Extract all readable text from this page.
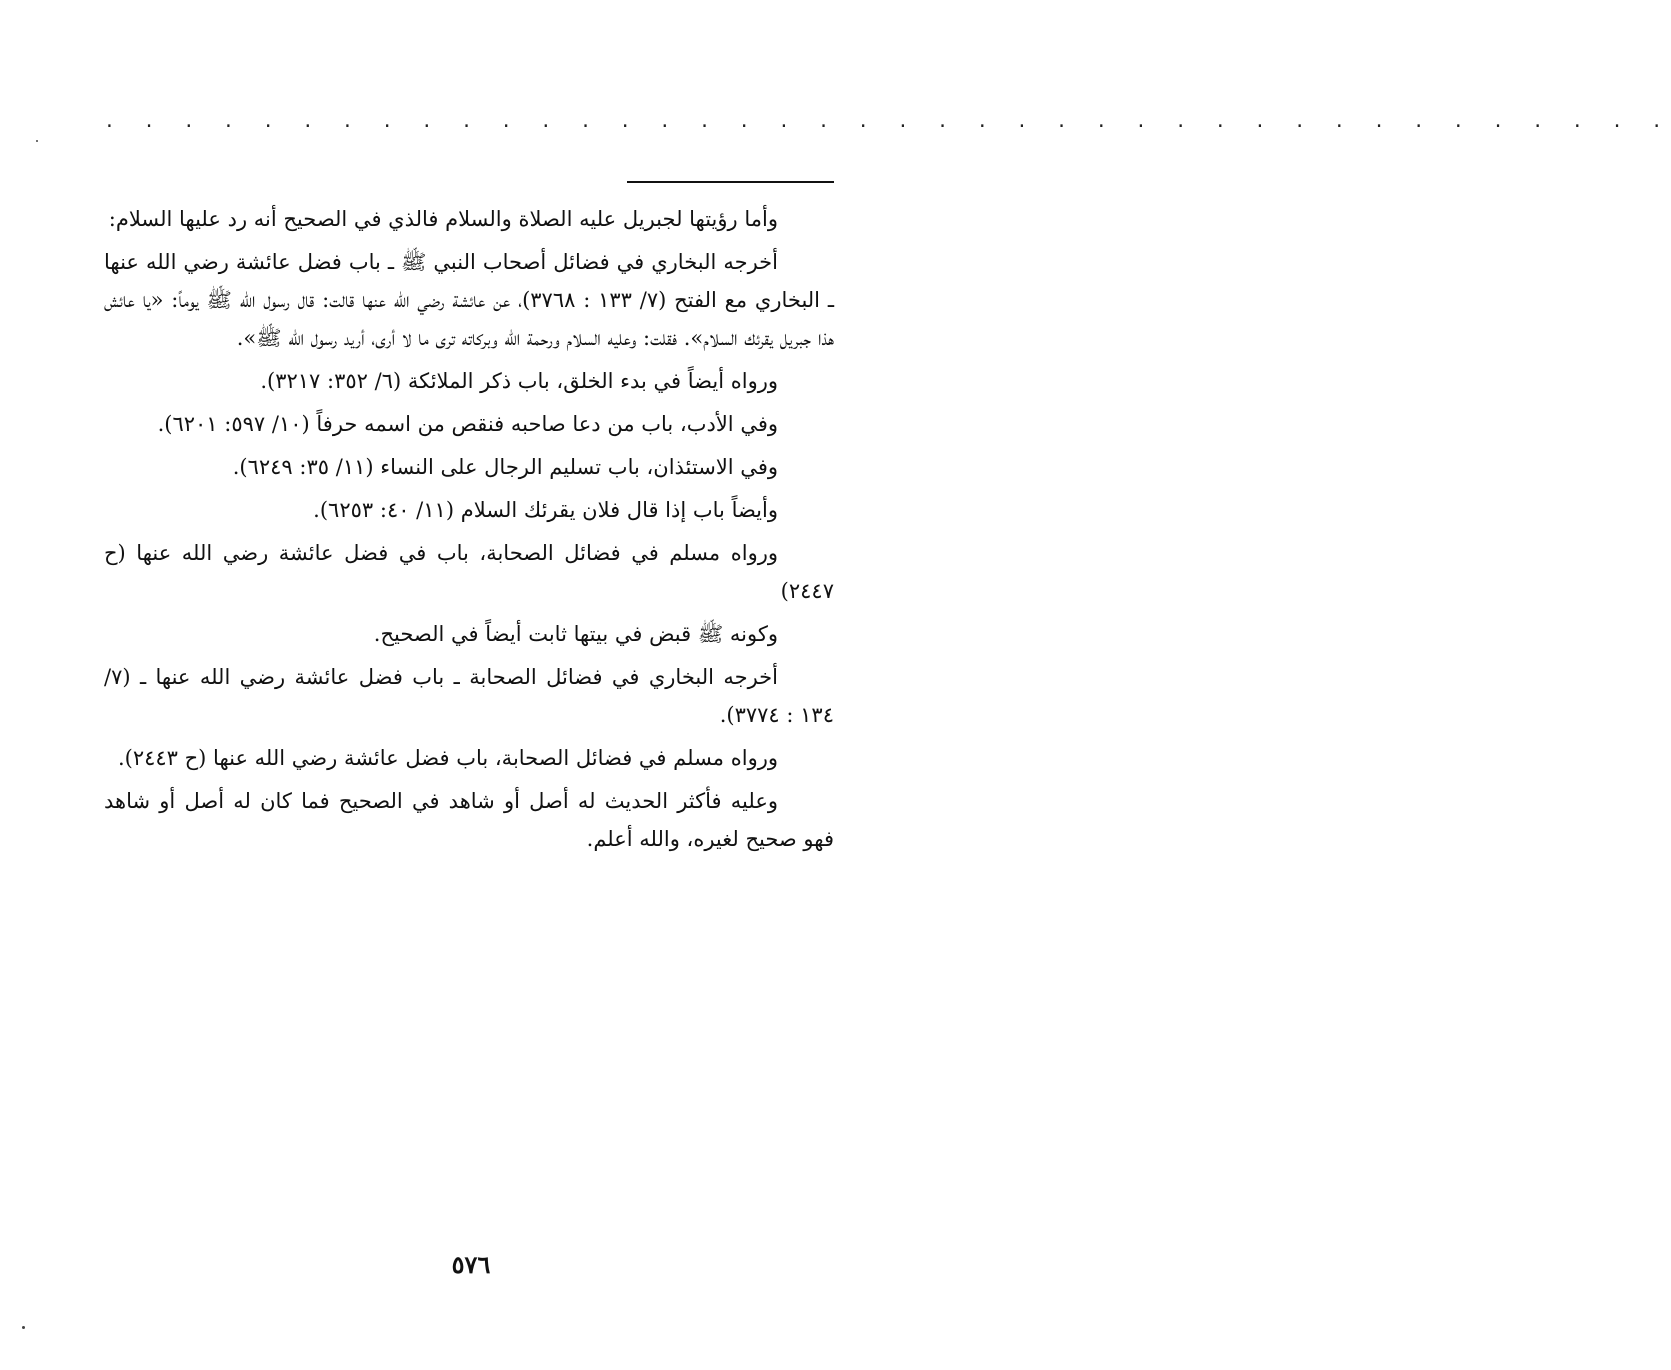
· · · · · · · · · · · · · · · · · · · · · · · · · · · · · · · · · · · · · · · ·

وأما رؤيتها لجبريل عليه الصلاة والسلام فالذي في الصحيح أنه رد عليها السلام:

أخرجه البخاري في فضائل أصحاب النبي ﷺ ـ باب فضل عائشة رضي الله عنها ـ البخاري مع الفتح (٧/ ١٣٣ : ٣٧٦٨)، عن عائشة رضي الله عنها قالت: قال رسول الله ﷺ يوماً: «يا عائش هذا جبريل يقرئك السلام». فقلت: وعليه السلام ورحمة الله وبركاته ترى ما لا أرى، أريد رسول الله ﷺ».

ورواه أيضاً في بدء الخلق، باب ذكر الملائكة (٦/ ٣٥٢: ٣٢١٧).

وفي الأدب، باب من دعا صاحبه فنقص من اسمه حرفاً (١٠/ ٥٩٧: ٦٢٠١).

وفي الاستئذان، باب تسليم الرجال على النساء (١١/ ٣٥: ٦٢٤٩).

وأيضاً باب إذا قال فلان يقرئك السلام (١١/ ٤٠: ٦٢٥٣).

ورواه مسلم في فضائل الصحابة، باب في فضل عائشة رضي الله عنها (ح ٢٤٤٧)

وكونه ﷺ قبض في بيتها ثابت أيضاً في الصحيح.

أخرجه البخاري في فضائل الصحابة ـ باب فضل عائشة رضي الله عنها ـ (٧/ ١٣٤ : ٣٧٧٤).

ورواه مسلم في فضائل الصحابة، باب فضل عائشة رضي الله عنها (ح ٢٤٤٣).

وعليه فأكثر الحديث له أصل أو شاهد في الصحيح فما كان له أصل أو شاهد فهو صحيح لغيره، والله أعلم.

٥٧٦
